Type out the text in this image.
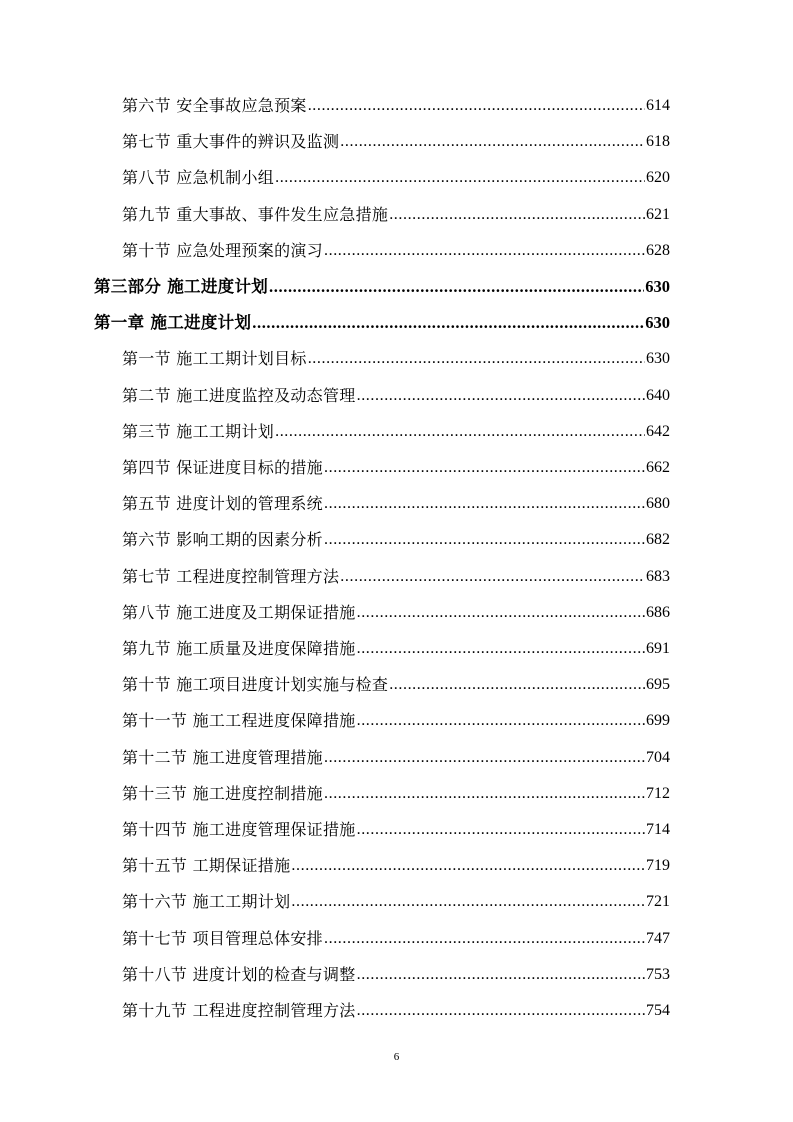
第六节 安全事故应急预案 .....	614
第七节 重大事件的辨识及监测 .....	618
第八节 应急机制小组 .....	620
第九节 重大事故、事件发生应急措施 .....	621
第十节 应急处理预案的演习 .....	628
第三部分 施工进度计划 .....	630
第一章 施工进度计划 .....	630
第一节 施工工期计划目标 .....	630
第二节 施工进度监控及动态管理 .....	640
第三节 施工工期计划 .....	642
第四节 保证进度目标的措施 .....	662
第五节 进度计划的管理系统 .....	680
第六节 影响工期的因素分析 .....	682
第七节 工程进度控制管理方法 .....	683
第八节 施工进度及工期保证措施 .....	686
第九节 施工质量及进度保障措施 .....	691
第十节 施工项目进度计划实施与检查 .....	695
第十一节 施工工程进度保障措施 .....	699
第十二节 施工进度管理措施 .....	704
第十三节 施工进度控制措施 .....	712
第十四节 施工进度管理保证措施 .....	714
第十五节 工期保证措施 .....	719
第十六节 施工工期计划 .....	721
第十七节 项目管理总体安排 .....	747
第十八节 进度计划的检查与调整 .....	753
第十九节 工程进度控制管理方法 .....	754
6
